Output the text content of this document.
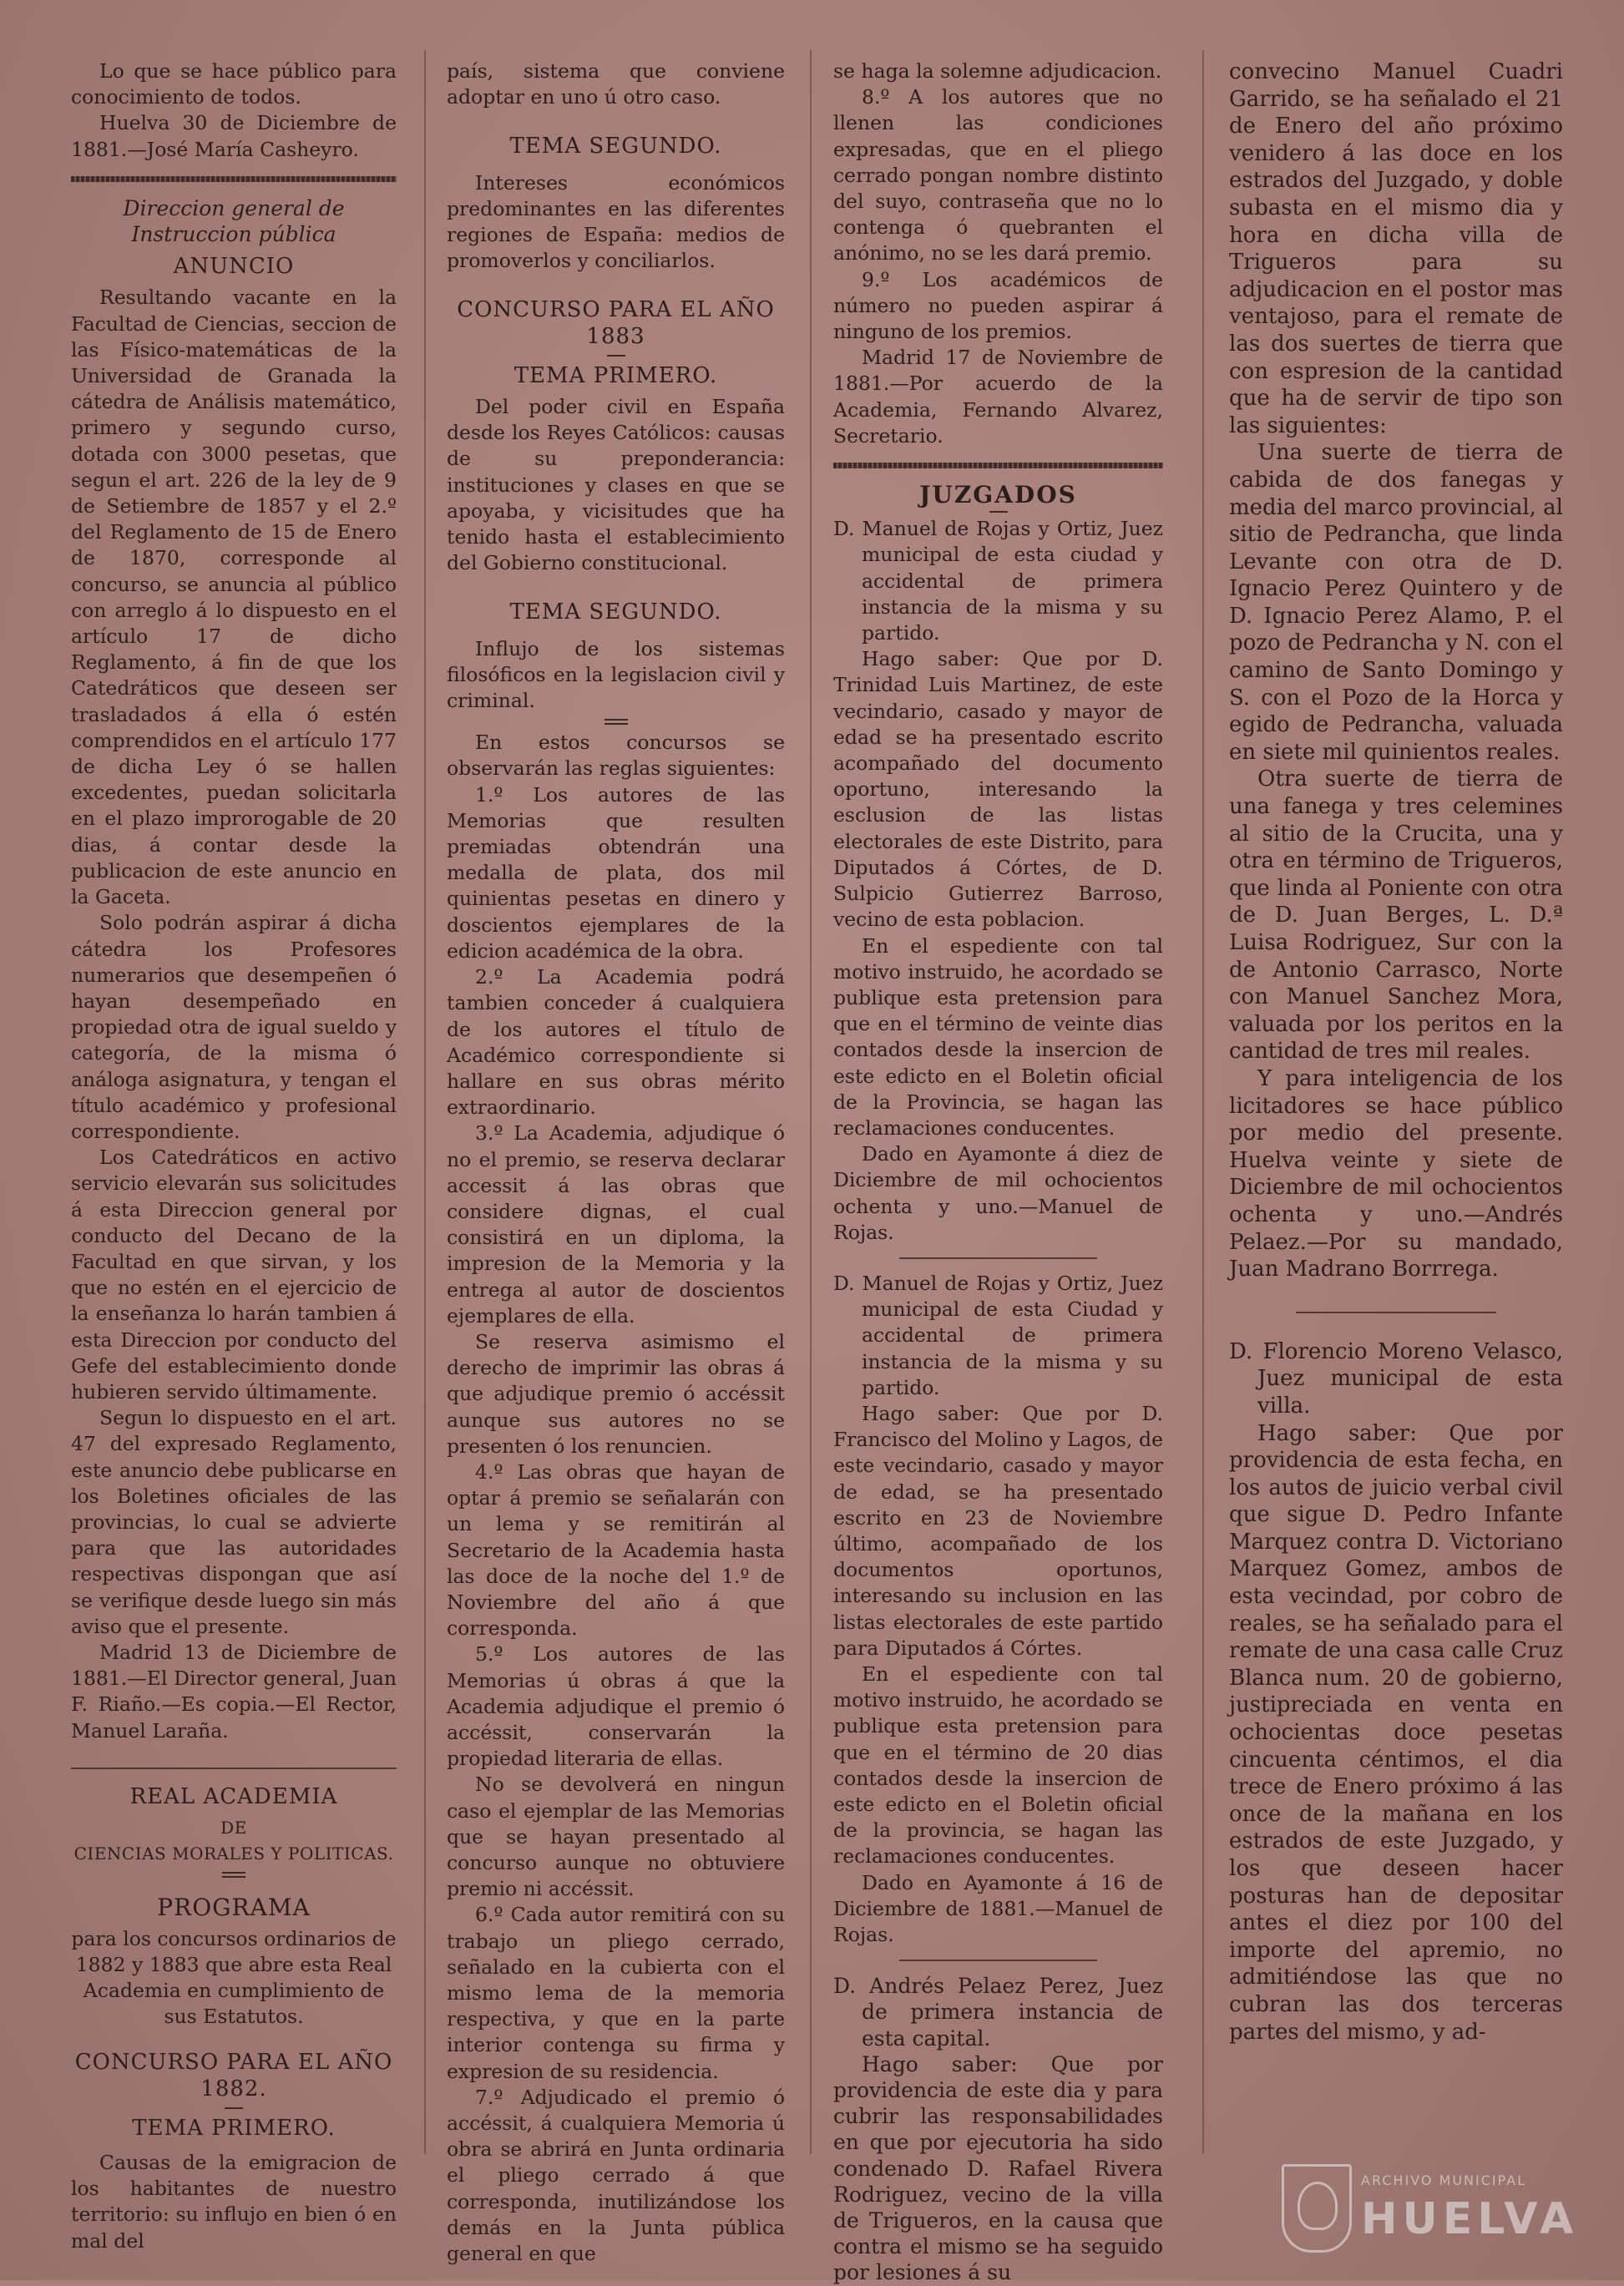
Lo que se hace público para conocimiento de todos.

Huelva 30 de Diciembre de 1881.—José María Casheyro.

Direccion general de Instruccion pública

ANUNCIO

Resultando vacante en la Facultad de Ciencias, seccion de las Físico-matemáticas de la Universidad de Granada la cátedra de Análisis matemático, primero y segundo curso, dotada con 3000 pesetas, que segun el art. 226 de la ley de 9 de Setiembre de 1857 y el 2.º del Reglamento de 15 de Enero de 1870, corresponde al concurso, se anuncia al público con arreglo á lo dispuesto en el artículo 17 de dicho Reglamento, á fin de que los Catedráticos que deseen ser trasladados á ella ó estén comprendidos en el artículo 177 de dicha Ley ó se hallen excedentes, puedan solicitarla en el plazo improrogable de 20 dias, á contar desde la publicacion de este anuncio en la Gaceta.

Solo podrán aspirar á dicha cátedra los Profesores numerarios que desempeñen ó hayan desempeñado en propiedad otra de igual sueldo y categoría, de la misma ó análoga asignatura, y tengan el título académico y profesional correspondiente.

Los Catedráticos en activo servicio elevarán sus solicitudes á esta Direccion general por conducto del Decano de la Facultad en que sirvan, y los que no estén en el ejercicio de la enseñanza lo harán tambien á esta Direccion por conducto del Gefe del establecimiento donde hubieren servido últimamente.

Segun lo dispuesto en el art. 47 del expresado Reglamento, este anuncio debe publicarse en los Boletines oficiales de las provincias, lo cual se advierte para que las autoridades respectivas dispongan que así se verifique desde luego sin más aviso que el presente.

Madrid 13 de Diciembre de 1881.—El Director general, Juan F. Riaño.—Es copia.—El Rector, Manuel Laraña.

REAL ACADEMIA

DE

CIENCIAS MORALES Y POLITICAS.

PROGRAMA

para los concursos ordinarios de 1882 y 1883 que abre esta Real Academia en cumplimiento de sus Estatutos.

CONCURSO PARA EL AÑO 1882.

TEMA PRIMERO.

Causas de la emigracion de los habitantes de nuestro territorio: su influjo en bien ó en mal del

país, sistema que conviene adoptar en uno ú otro caso.

TEMA SEGUNDO.

Intereses económicos predominantes en las diferentes regiones de España: medios de promoverlos y conciliarlos.

CONCURSO PARA EL AÑO 1883

TEMA PRIMERO.

Del poder civil en España desde los Reyes Católicos: causas de su preponderancia: instituciones y clases en que se apoyaba, y vicisitudes que ha tenido hasta el establecimiento del Gobierno constitucional.

TEMA SEGUNDO.

Influjo de los sistemas filosóficos en la legislacion civil y criminal.

En estos concursos se observarán las reglas siguientes:

1.º Los autores de las Memorias que resulten premiadas obtendrán una medalla de plata, dos mil quinientas pesetas en dinero y doscientos ejemplares de la edicion académica de la obra.

2.º La Academia podrá tambien conceder á cualquiera de los autores el título de Académico correspondiente si hallare en sus obras mérito extraordinario.

3.º La Academia, adjudique ó no el premio, se reserva declarar accessit á las obras que considere dignas, el cual consistirá en un diploma, la impresion de la Memoria y la entrega al autor de doscientos ejemplares de ella.

Se reserva asimismo el derecho de imprimir las obras á que adjudique premio ó accéssit aunque sus autores no se presenten ó los renuncien.

4.º Las obras que hayan de optar á premio se señalarán con un lema y se remitirán al Secretario de la Academia hasta las doce de la noche del 1.º de Noviembre del año á que corresponda.

5.º Los autores de las Memorias ú obras á que la Academia adjudique el premio ó accéssit, conservarán la propiedad literaria de ellas.

No se devolverá en ningun caso el ejemplar de las Memorias que se hayan presentado al concurso aunque no obtuviere premio ni accéssit.

6.º Cada autor remitirá con su trabajo un pliego cerrado, señalado en la cubierta con el mismo lema de la memoria respectiva, y que en la parte interior contenga su firma y expresion de su residencia.

7.º Adjudicado el premio ó accéssit, á cualquiera Memoria ú obra se abrirá en Junta ordinaria el pliego cerrado á que corresponda, inutilizándose los demás en la Junta pública general en que

se haga la solemne adjudicacion.

8.º A los autores que no llenen las condiciones expresadas, que en el pliego cerrado pongan nombre distinto del suyo, contraseña que no lo contenga ó quebranten el anónimo, no se les dará premio.

9.º Los académicos de número no pueden aspirar á ninguno de los premios.

Madrid 17 de Noviembre de 1881.—Por acuerdo de la Academia, Fernando Alvarez, Secretario.

JUZGADOS

D. Manuel de Rojas y Ortiz, Juez municipal de esta ciudad y accidental de primera instancia de la misma y su partido.

Hago saber: Que por D. Trinidad Luis Martinez, de este vecindario, casado y mayor de edad se ha presentado escrito acompañado del documento oportuno, interesando la esclusion de las listas electorales de este Distrito, para Diputados á Córtes, de D. Sulpicio Gutierrez Barroso, vecino de esta poblacion.

En el espediente con tal motivo instruido, he acordado se publique esta pretension para que en el término de veinte dias contados desde la insercion de este edicto en el Boletin oficial de la Provincia, se hagan las reclamaciones conducentes.

Dado en Ayamonte á diez de Diciembre de mil ochocientos ochenta y uno.—Manuel de Rojas.

D. Manuel de Rojas y Ortiz, Juez municipal de esta Ciudad y accidental de primera instancia de la misma y su partido.

Hago saber: Que por D. Francisco del Molino y Lagos, de este vecindario, casado y mayor de edad, se ha presentado escrito en 23 de Noviembre último, acompañado de los documentos oportunos, interesando su inclusion en las listas electorales de este partido para Diputados á Córtes.

En el espediente con tal motivo instruido, he acordado se publique esta pretension para que en el término de 20 dias contados desde la insercion de este edicto en el Boletin oficial de la provincia, se hagan las reclamaciones conducentes.

Dado en Ayamonte á 16 de Diciembre de 1881.—Manuel de Rojas.

D. Andrés Pelaez Perez, Juez de primera instancia de esta capital.

Hago saber: Que por providencia de este dia y para cubrir las responsabilidades en que por ejecutoria ha sido condenado D. Rafael Rivera Rodriguez, vecino de la villa de Trigueros, en la causa que contra el mismo se ha seguido por lesiones á su

convecino Manuel Cuadri Garrido, se ha señalado el 21 de Enero del año próximo venidero á las doce en los estrados del Juzgado, y doble subasta en el mismo dia y hora en dicha villa de Trigueros para su adjudicacion en el postor mas ventajoso, para el remate de las dos suertes de tierra que con espresion de la cantidad que ha de servir de tipo son las siguientes:

Una suerte de tierra de cabida de dos fanegas y media del marco provincial, al sitio de Pedrancha, que linda Levante con otra de D. Ignacio Perez Quintero y de D. Ignacio Perez Alamo, P. el pozo de Pedrancha y N. con el camino de Santo Domingo y S. con el Pozo de la Horca y egido de Pedrancha, valuada en siete mil quinientos reales.

Otra suerte de tierra de una fanega y tres celemines al sitio de la Crucita, una y otra en término de Trigueros, que linda al Poniente con otra de D. Juan Berges, L. D.ª Luisa Rodriguez, Sur con la de Antonio Carrasco, Norte con Manuel Sanchez Mora, valuada por los peritos en la cantidad de tres mil reales.

Y para inteligencia de los licitadores se hace público por medio del presente. Huelva veinte y siete de Diciembre de mil ochocientos ochenta y uno.—Andrés Pelaez.—Por su mandado, Juan Madrano Borrrega.

D. Florencio Moreno Velasco, Juez municipal de esta villa.

Hago saber: Que por providencia de esta fecha, en los autos de juicio verbal civil que sigue D. Pedro Infante Marquez contra D. Victoriano Marquez Gomez, ambos de esta vecindad, por cobro de reales, se ha señalado para el remate de una casa calle Cruz Blanca num. 20 de gobierno, justipreciada en venta en ochocientas doce pesetas cincuenta céntimos, el dia trece de Enero próximo á las once de la mañana en los estrados de este Juzgado, y los que deseen hacer posturas han de depositar antes el diez por 100 del importe del apremio, no admitiéndose las que no cubran las dos terceras partes del mismo, y ad-

ARCHIVO MUNICIPAL
HUELVA
